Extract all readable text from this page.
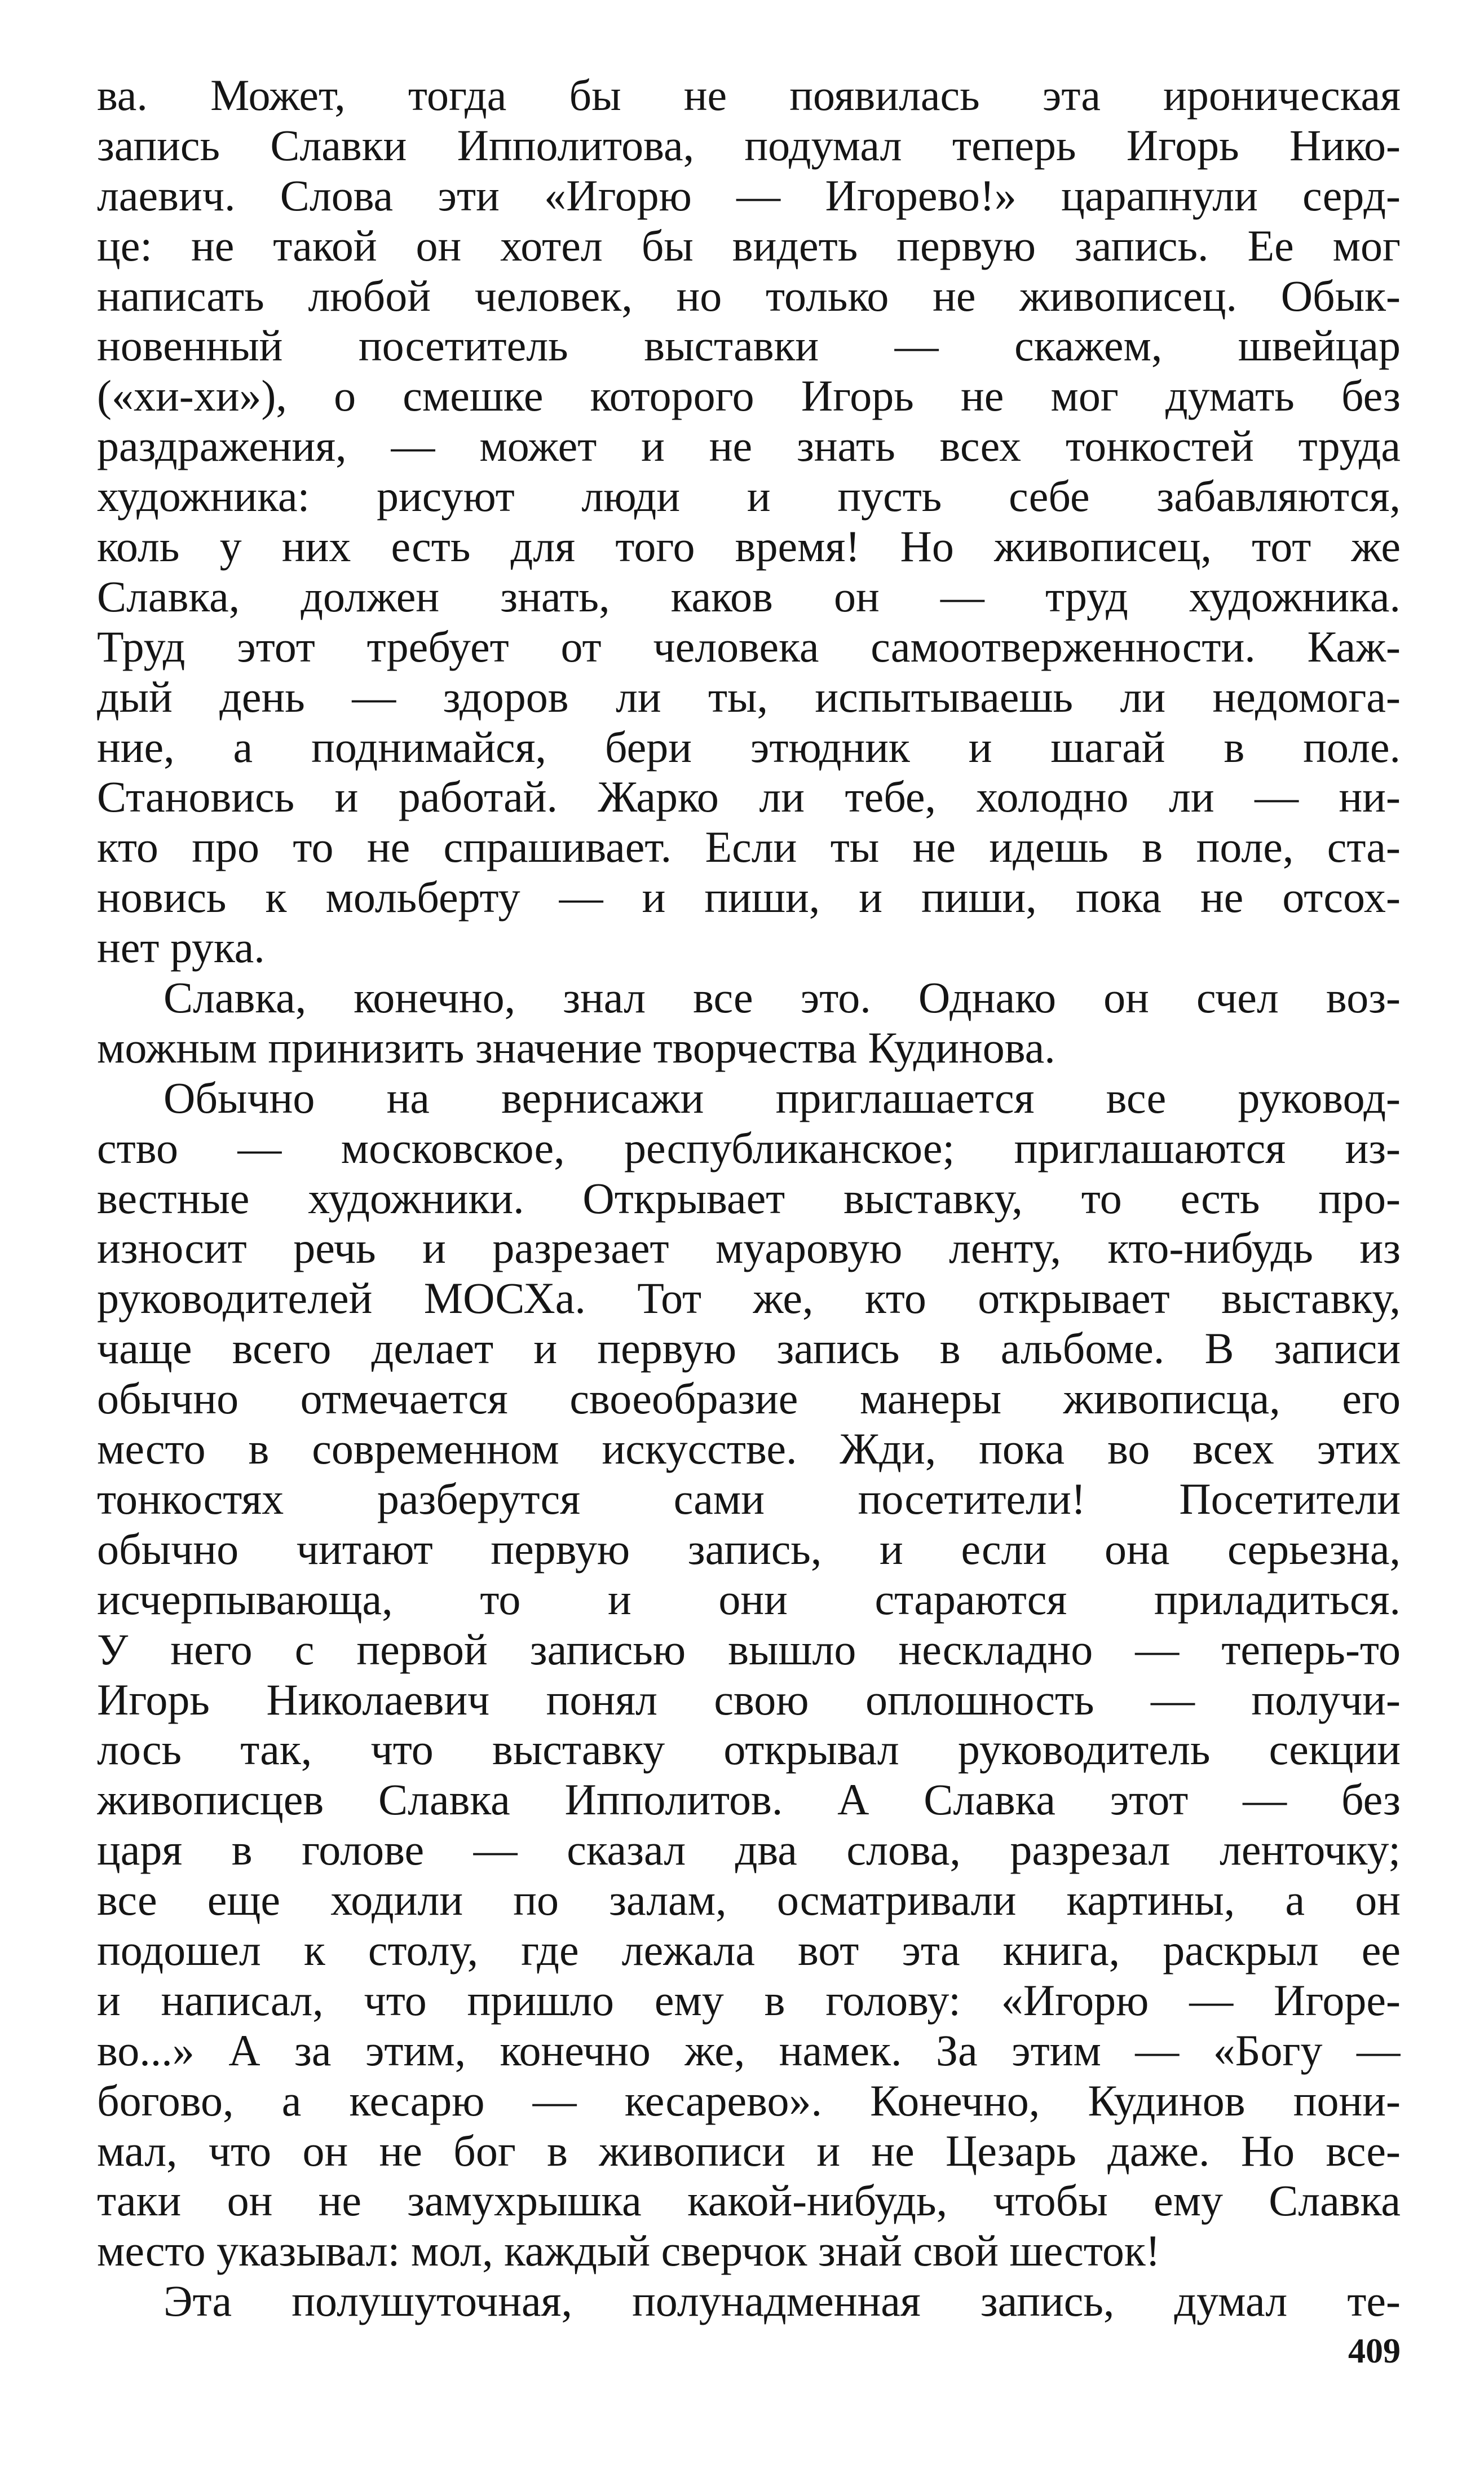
ва. Может, тогда бы не появилась эта ироническая
запись Славки Ипполитова, подумал теперь Игорь Нико-
лаевич. Слова эти «Игорю — Игорево!» царапнули серд-
це: не такой он хотел бы видеть первую запись. Ее мог
написать любой человек, но только не живописец. Обык-
новенный посетитель выставки — скажем, швейцар
(«хи-хи»), о смешке которого Игорь не мог думать без
раздражения, — может и не знать всех тонкостей труда
художника: рисуют люди и пусть себе забавляются,
коль у них есть для того время! Но живописец, тот же
Славка, должен знать, каков он — труд художника.
Труд этот требует от человека самоотверженности. Каж-
дый день — здоров ли ты, испытываешь ли недомога-
ние, а поднимайся, бери этюдник и шагай в поле.
Становись и работай. Жарко ли тебе, холодно ли — ни-
кто про то не спрашивает. Если ты не идешь в поле, ста-
новись к мольберту — и пиши, и пиши, пока не отсох-
нет рука.
Славка, конечно, знал все это. Однако он счел воз-
можным принизить значение творчества Кудинова.
Обычно на вернисажи приглашается все руковод-
ство — московское, республиканское; приглашаются из-
вестные художники. Открывает выставку, то есть про-
износит речь и разрезает муаровую ленту, кто-нибудь из
руководителей МОСХа. Тот же, кто открывает выставку,
чаще всего делает и первую запись в альбоме. В записи
обычно отмечается своеобразие манеры живописца, его
место в современном искусстве. Жди, пока во всех этих
тонкостях разберутся сами посетители! Посетители
обычно читают первую запись, и если она серьезна,
исчерпывающа, то и они стараются приладиться.
У него с первой записью вышло нескладно — теперь-то
Игорь Николаевич понял свою оплошность — получи-
лось так, что выставку открывал руководитель секции
живописцев Славка Ипполитов. А Славка этот — без
царя в голове — сказал два слова, разрезал ленточку;
все еще ходили по залам, осматривали картины, а он
подошел к столу, где лежала вот эта книга, раскрыл ее
и написал, что пришло ему в голову: «Игорю — Игоре-
во...» А за этим, конечно же, намек. За этим — «Богу —
богово, а кесарю — кесарево». Конечно, Кудинов пони-
мал, что он не бог в живописи и не Цезарь даже. Но все-
таки он не замухрышка какой-нибудь, чтобы ему Славка
место указывал: мол, каждый сверчок знай свой шесток!
Эта полушуточная, полунадменная запись, думал те-
409
